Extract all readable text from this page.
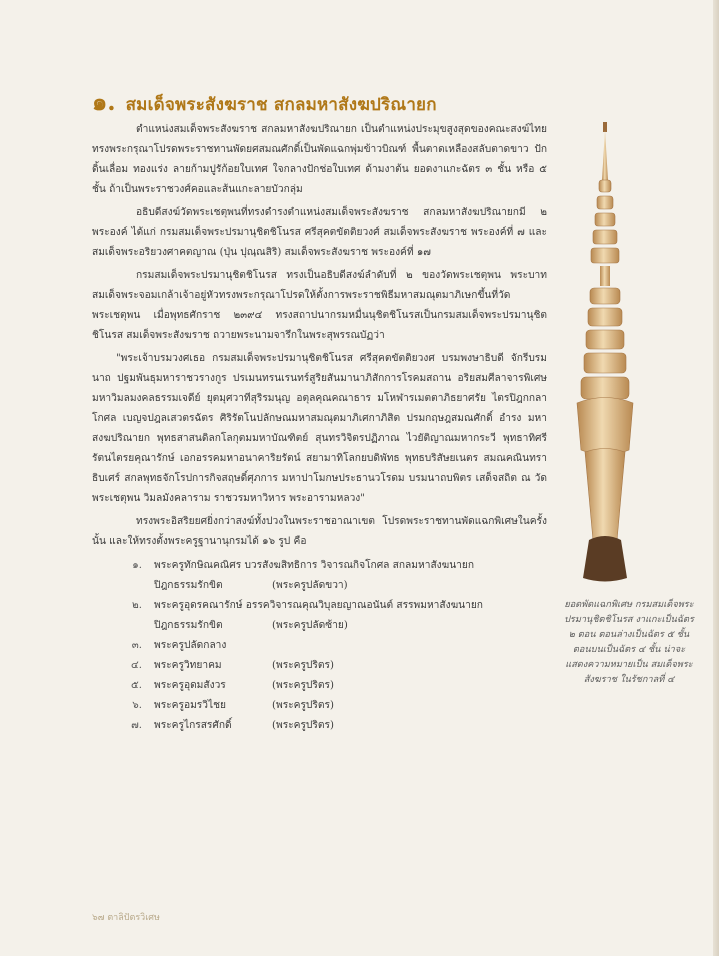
๑. สมเด็จพระสังฆราช สกลมหาสังฆปริณายก

ตำแหน่งสมเด็จพระสังฆราช สกลมหาสังฆปริณายก เป็นตำแหน่งประมุขสูงสุดของคณะสงฆ์ไทย ทรงพระกรุณาโปรดพระราชทานพัดยศสมณศักดิ์เป็นพัดแฉกพุ่มข้าวบิณฑ์ พื้นตาดเหลืองสลับตาดขาว ปักดิ้นเลื่อม ทองแร่ง ลายก้ามปูรัก้อยใบเทศ ใจกลางปักช่อใบเทศ ด้ามงาต้น ยอดงาแกะฉัตร ๓ ชั้น หรือ ๕ ชั้น ถ้าเป็นพระราชวงศ์คอและส้นแกะลายบัวกลุ่ม

อธิบดีสงฆ์วัดพระเชตุพนที่ทรงดำรงตำแหน่งสมเด็จพระสังฆราช สกลมหาสังฆปริณายกมี ๒ พระองค์ ได้แก่ กรมสมเด็จพระปรมานุชิตชิโนรส ศรีสุคตขัตติยวงศ์ สมเด็จพระสังฆราช พระองค์ที่ ๗ และสมเด็จพระอริยวงศาคตญาณ (ปุ่น ปุณฺณสิริ) สมเด็จพระสังฆราช พระองค์ที่ ๑๗

กรมสมเด็จพระปรมานุชิตชิโนรส ทรงเป็นอธิบดีสงฆ์ลำดับที่ ๒ ของวัดพระเชตุพน พระบาทสมเด็จพระจอมเกล้าเจ้าอยู่หัวทรงพระกรุณาโปรดให้ตั้งการพระราชพิธีมหาสมณุตมาภิเษกขึ้นที่วัดพระเชตุพน เมื่อพุทธศักราช ๒๓๙๔ ทรงสถาปนากรมหมื่นนุชิตชิโนรสเป็นกรมสมเด็จพระปรมานุชิตชิโนรส สมเด็จพระสังฆราช ถวายพระนามจารึกในพระสุพรรณบัฏว่า

"พระเจ้าบรมวงศเธอ กรมสมเด็จพระปรมานุชิตชิโนรส ศรีสุคตขัตติยวงศ บรมพงษาธิบดี จักรีบรมนาถ ปฐมพันธุมหาราชวรางกูร ปรเมนทรนเรนทร์สูริยสันมานาภิสักการโรคมสถาน อริยสมศีลาจารพิเศษ มหาวิมลมงคลธรรมเจดีย์ ยุตมุศวาทีสุริรมนุญ อตุลคุณคณาธาร มโหฬารเมตตาภิธยาศรัย ไตรปิฎกกลาโกศล เบญจปฎลเสวตรฉัตร ศิริรัตโนปลักษณมหาสมณุตมาภิเศกาภิสิต ปรมกฤษฎสมณศักดิ์ อำรง มหาสงฆปริณายก พุทธสาสนดิลกโลกุตมมหาบัณฑิตย์ สุนทรวิจิตรปฏิภาณ ไวยัติญาณมหากระวี พุทธาทิศรีรัตนไตรยคุณารักษ์ เอกอรรคมหาอนาคาริยรัตน์ สยามาทิโลกยบดิพัทธ พุทธบริสัษยเนตร สมณคณินทราธิบเศร์ สกลพุทธจักโรปการกิจสฤษดิ์ศุภการ มหาปาโมกษประธานวโรดม บรมนาถบพิตร เสด็จสถิต ณ วัดพระเชตุพน วิมลมังคลาราม ราชวรมหาวิหาร พระอารามหลวง"

ทรงพระอิสริยยศยิ่งกว่าสงฆ์ทั้งปวงในพระราชอาณาเขต โปรดพระราชทานพัดแฉกพิเศษในครั้งนั้น และให้ทรงตั้งพระครูฐานานุกรมได้ ๑๖ รูป คือ

๑.	พระครูทักษิณคณิศร บวรสังฆสิทธิการ วิจารณกิจโกศล สกลมหาสังฆนายก
ปิฎกธรรมรักขิต	(พระครูปลัดขวา)
๒.	พระครูอุดรคณารักษ์ อรรควิจารณคุณวิบุลยญาณอนันต์ สรรพมหาสังฆนายก
ปิฎกธรรมรักขิต	(พระครูปลัดซ้าย)
๓.	พระครูปลัดกลาง
๔.	พระครูวิทยาคม	(พระครูปริตร)
๕.	พระครูอุดมสังวร	(พระครูปริตร)
๖.	พระครูอมรวิไชย	(พระครูปริตร)
๗.	พระครูไกรสรศักดิ์	(พระครูปริตร)
ยอดพัดแฉกพิเศษ กรมสมเด็จพระปรมานุชิตชิโนรส งาแกะเป็นฉัตร ๒ ตอน ตอนล่างเป็นฉัตร ๕ ชั้น ตอนบนเป็นฉัตร ๔ ชั้น น่าจะแสดงความหมายเป็น สมเด็จพระสังฆราช ในรัชกาลที่ ๔
๖๗ ตาลิปัตรวิเศษ
